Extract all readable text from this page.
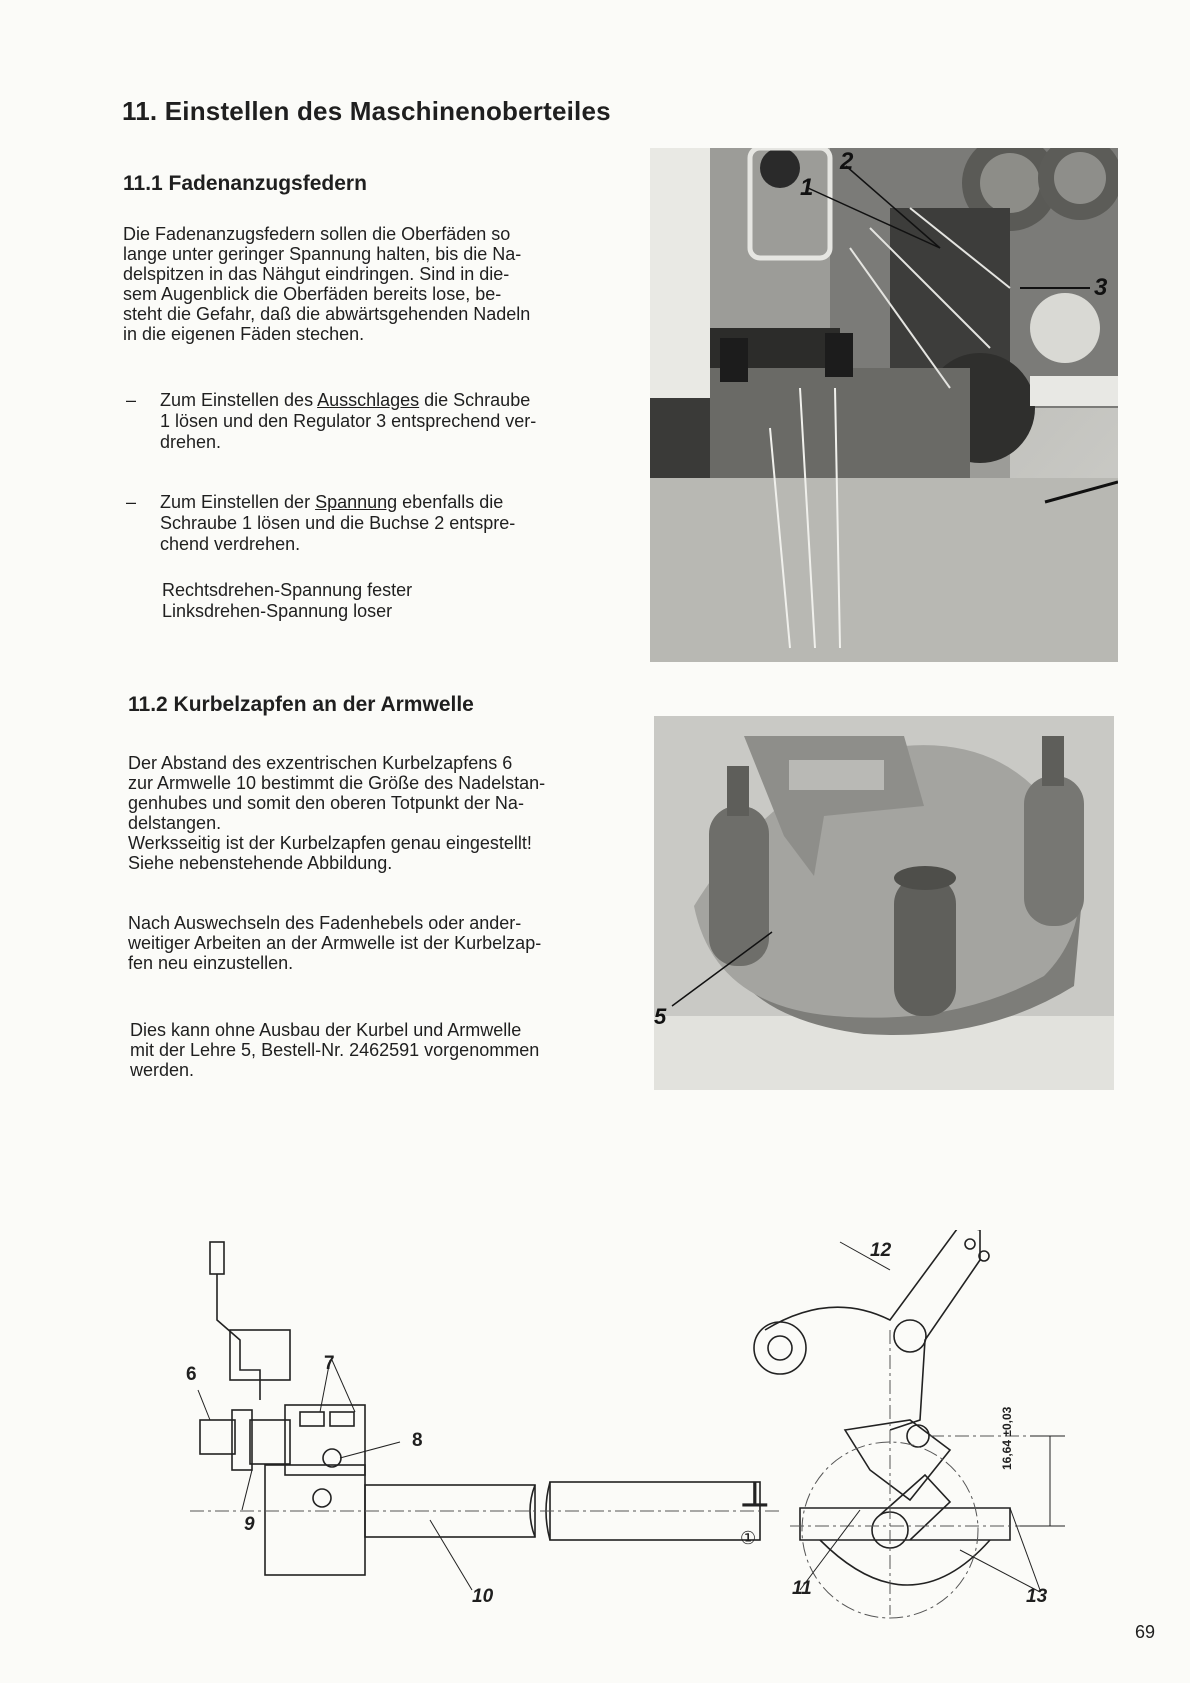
11. Einstellen des Maschinenoberteiles
11.1 Fadenanzugsfedern
Die Fadenanzugsfedern sollen die Oberfäden so
lange unter geringer Spannung halten, bis die Na-
delspitzen in das Nähgut eindringen. Sind in die-
sem Augenblick die Oberfäden bereits lose, be-
steht die Gefahr, daß die abwärtsgehenden Nadeln
in die eigenen Fäden stechen.
– Zum Einstellen des Ausschlages die Schraube
1 lösen und den Regulator 3 entsprechend ver-
drehen.
– Zum Einstellen der Spannung ebenfalls die
Schraube 1 lösen und die Buchse 2 entspre-
chend verdrehen.
Rechtsdrehen-Spannung fester
Linksdrehen-Spannung loser
2
1
3
11.2 Kurbelzapfen an der Armwelle
Der Abstand des exzentrischen Kurbelzapfens 6
zur Armwelle 10 bestimmt die Größe des Nadelstan-
genhubes und somit den oberen Totpunkt der Na-
delstangen.
Werksseitig ist der Kurbelzapfen genau eingestellt!
Siehe nebenstehende Abbildung.
Nach Auswechseln des Fadenhebels oder ander-
weitiger Arbeiten an der Armwelle ist der Kurbelzap-
fen neu einzustellen.
Dies kann ohne Ausbau der Kurbel und Armwelle
mit der Lehre 5, Bestell-Nr. 2462591 vorgenommen
werden.
5
⊥
6
7
8
9
10
①
11
12
13
16,64 ±0,03
69
